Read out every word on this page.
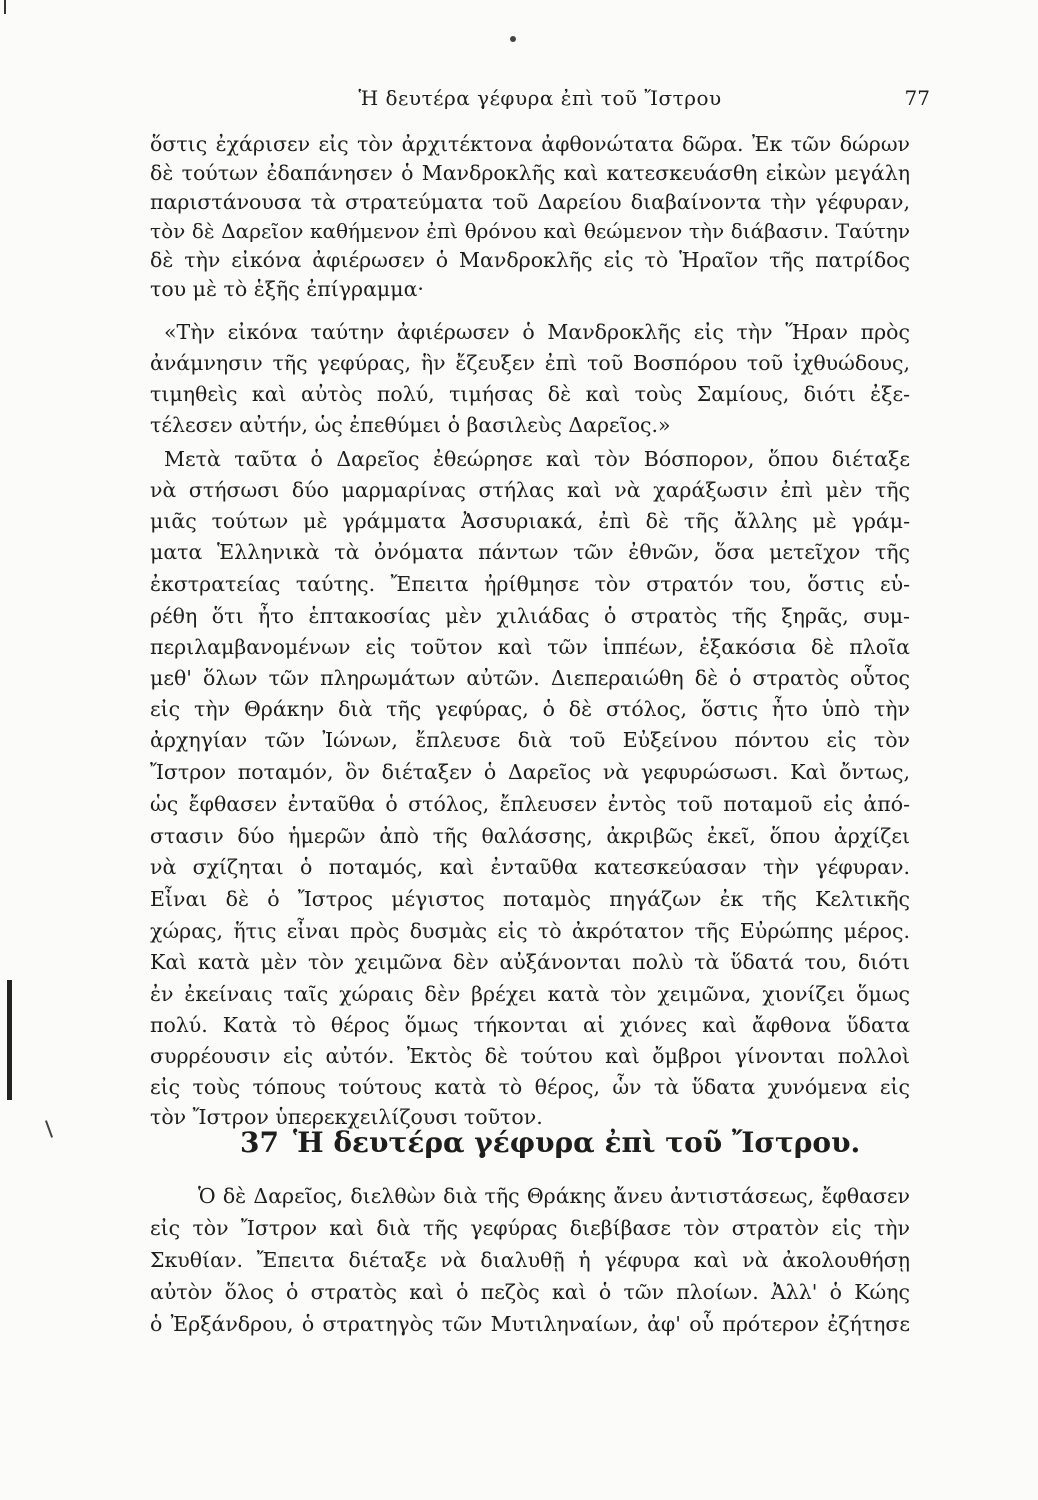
Ἡ δευτέρα γέφυρα ἐπὶ τοῦ Ἴστρου	77
ὅστις ἐχάρισεν εἰς τὸν ἀρχιτέκτονα ἀφθονώτατα δῶρα. Ἐκ τῶν δώρων
δὲ τούτων ἐδαπάνησεν ὁ Μανδροκλῆς καὶ κατεσκευάσθη εἰκὼν μεγάλη
παριστάνουσα τὰ στρατεύματα τοῦ Δαρείου διαβαίνοντα τὴν γέφυραν,
τὸν δὲ Δαρεῖον καθήμενον ἐπὶ θρόνου καὶ θεώμενον τὴν διάβασιν. Ταύτην
δὲ τὴν εἰκόνα ἀφιέρωσεν ὁ Μανδροκλῆς εἰς τὸ Ἡραῖον τῆς πατρίδος
του μὲ τὸ ἑξῆς ἐπίγραμμα·
«Τὴν εἰκόνα ταύτην ἀφιέρωσεν ὁ Μανδροκλῆς εἰς τὴν Ἥραν πρὸς
ἀνάμνησιν τῆς γεφύρας, ἣν ἔζευξεν ἐπὶ τοῦ Βοσπόρου τοῦ ἰχθυώδους,
τιμηθεὶς καὶ αὐτὸς πολύ, τιμήσας δὲ καὶ τοὺς Σαμίους, διότι ἐξε-
τέλεσεν αὐτήν, ὡς ἐπεθύμει ὁ βασιλεὺς Δαρεῖος.»
Μετὰ ταῦτα ὁ Δαρεῖος ἐθεώρησε καὶ τὸν Βόσπορον, ὅπου διέταξε
νὰ στήσωσι δύο μαρμαρίνας στήλας καὶ νὰ χαράξωσιν ἐπὶ μὲν τῆς
μιᾶς τούτων μὲ γράμματα Ἀσσυριακά, ἐπὶ δὲ τῆς ἄλλης μὲ γράμ-
ματα Ἑλληνικὰ τὰ ὀνόματα πάντων τῶν ἐθνῶν, ὅσα μετεῖχον τῆς
ἐκστρατείας ταύτης. Ἔπειτα ἠρίθμησε τὸν στρατόν του, ὅστις εὑ-
ρέθη ὅτι ἦτο ἑπτακοσίας μὲν χιλιάδας ὁ στρατὸς τῆς ξηρᾶς, συμ-
περιλαμβανομένων εἰς τοῦτον καὶ τῶν ἱππέων, ἑξακόσια δὲ πλοῖα
μεθ' ὅλων τῶν πληρωμάτων αὐτῶν. Διεπεραιώθη δὲ ὁ στρατὸς οὗτος
εἰς τὴν Θράκην διὰ τῆς γεφύρας, ὁ δὲ στόλος, ὅστις ἦτο ὑπὸ τὴν
ἀρχηγίαν τῶν Ἰώνων, ἔπλευσε διὰ τοῦ Εὐξείνου πόντου εἰς τὸν
Ἴστρον ποταμόν, ὃν διέταξεν ὁ Δαρεῖος νὰ γεφυρώσωσι. Καὶ ὄντως,
ὡς ἔφθασεν ἐνταῦθα ὁ στόλος, ἔπλευσεν ἐντὸς τοῦ ποταμοῦ εἰς ἀπό-
στασιν δύο ἡμερῶν ἀπὸ τῆς θαλάσσης, ἀκριβῶς ἐκεῖ, ὅπου ἀρχίζει
νὰ σχίζηται ὁ ποταμός, καὶ ἐνταῦθα κατεσκεύασαν τὴν γέφυραν.
Εἶναι δὲ ὁ Ἴστρος μέγιστος ποταμὸς πηγάζων ἐκ τῆς Κελτικῆς
χώρας, ἥτις εἶναι πρὸς δυσμὰς εἰς τὸ ἀκρότατον τῆς Εὐρώπης μέρος.
Καὶ κατὰ μὲν τὸν χειμῶνα δὲν αὐξάνονται πολὺ τὰ ὕδατά του, διότι
ἐν ἐκείναις ταῖς χώραις δὲν βρέχει κατὰ τὸν χειμῶνα, χιονίζει ὅμως
πολύ. Κατὰ τὸ θέρος ὅμως τήκονται αἱ χιόνες καὶ ἄφθονα ὕδατα
συρρέουσιν εἰς αὐτόν. Ἐκτὸς δὲ τούτου καὶ ὄμβροι γίνονται πολλοὶ
εἰς τοὺς τόπους τούτους κατὰ τὸ θέρος, ὧν τὰ ὕδατα χυνόμενα εἰς
τὸν Ἴστρον ὑπερεκχειλίζουσι τοῦτον.
37 Ἡ δευτέρα γέφυρα ἐπὶ τοῦ Ἴστρου.
Ὁ δὲ Δαρεῖος, διελθὼν διὰ τῆς Θράκης ἄνευ ἀντιστάσεως, ἔφθασεν
εἰς τὸν Ἴστρον καὶ διὰ τῆς γεφύρας διεβίβασε τὸν στρατὸν εἰς τὴν
Σκυθίαν. Ἔπειτα διέταξε νὰ διαλυθῇ ἡ γέφυρα καὶ νὰ ἀκολουθήσῃ
αὐτὸν ὅλος ὁ στρατὸς καὶ ὁ πεζὸς καὶ ὁ τῶν πλοίων. Ἀλλ' ὁ Κώης
ὁ Ἐρξάνδρου, ὁ στρατηγὸς τῶν Μυτιληναίων, ἀφ' οὗ πρότερον ἐζήτησε
